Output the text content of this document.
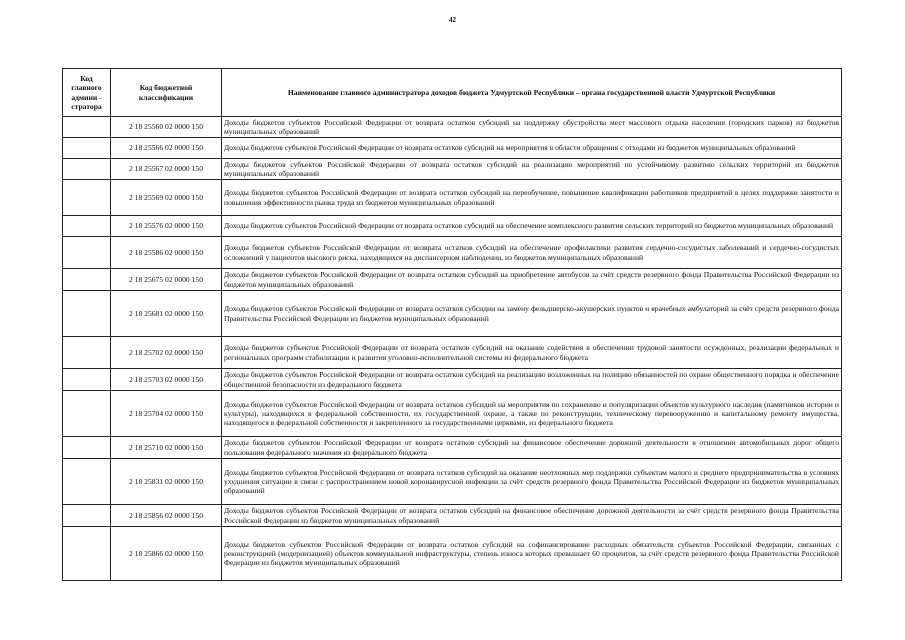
42
Код главного админи - стратора	Код бюджетной классификации	Наименование главного администратора доходов бюджета Удмуртской Республики – органа государственной власти Удмуртской Республики
	2 18 25560 02 0000 150	Доходы бюджетов субъектов Российской Федерации от возврата остатков субсидий на поддержку обустройства мест массового отдыха населения (городских парков) из бюджетов муниципальных образований
	2 18 25566 02 0000 150	Доходы бюджетов субъектов Российской Федерации от возврата остатков субсидий на мероприятия в области обращения с отходами из бюджетов муниципальных образований
	2 18 25567 02 0000 150	Доходы бюджетов субъектов Российской Федерации от возврата остатков субсидий на реализацию мероприятий по устойчивому развитию сельских территорий из бюджетов муниципальных образований
	2 18 25569 02 0000 150	Доходы бюджетов субъектов Российской Федерации от возврата остатков субсидий на переобучение, повышение квалификации работников предприятий в целях поддержки занятости и повышения эффективности рынка труда из бюджетов муниципальных образований
	2 18 25576 02 0000 150	Доходы бюджетов субъектов Российской Федерации от возврата остатков субсидий на обеспечение комплексного развития сельских территорий из бюджетов муниципальных образований
	2 18 25586 02 0000 150	Доходы бюджетов субъектов Российской Федерации от возврата остатков субсидий на обеспечение профилактики развития сердечно-сосудистых заболеваний и сердечно-сосудистых осложнений у пациентов высокого риска, находящихся на диспансерном наблюдении, из бюджетов муниципальных образований
	2 18 25675 02 0000 150	Доходы бюджетов субъектов Российской Федерации от возврата остатков субсидий на приобретение автобусов за счёт средств резервного фонда Правительства Российской Федерации из бюджетов муниципальных образований
	2 18 25681 02 0000 150	Доходы бюджетов субъектов Российской Федерации от возврата остатков субсидии на замену фельдшерско-акушерских пунктов и врачебных амбулаторий за счёт средств резервного фонда Правительства Российской Федерации из бюджетов муниципальных образований
	2 18 25702 02 0000 150	Доходы бюджетов субъектов Российской Федерации от возврата остатков субсидий на оказание содействия в обеспечении трудовой занятости осужденных, реализации федеральных и региональных программ стабилизации и развития уголовно-исполнительной системы из федерального бюджета
	2 18 25703 02 0000 150	Доходы бюджетов субъектов Российской Федерации от возврата остатков субсидий на реализацию возложенных на полицию обязанностей по охране общественного порядка и обеспечение общественной безопасности из федерального бюджета
	2 18 25704 02 0000 150	Доходы бюджетов субъектов Российской Федерации от возврата остатков субсидий на мероприятия по сохранению и популяризации объектов культурного наследия (памятников истории и культуры), находящихся в федеральной собственности, их государственной охране, а также по реконструкции, техническому перевооружению и капитальному ремонту имущества, находящегося в федеральной собственности и закрепленного за государственными церквами, из федерального бюджета
	2 18 25710 02 0000 150	Доходы бюджетов субъектов Российской Федерации от возврата остатков субсидий на финансовое обеспечение дорожной деятельности в отношении автомобильных дорог общего пользования федерального значения из федерального бюджета
	2 18 25831 02 0000 150	Доходы бюджетов субъектов Российской Федерации от возврата остатков субсидий на оказание неотложных мер поддержки субъектам малого и среднего предпринимательства в условиях ухудшения ситуации в связи с распространением новой коронавирусной инфекции за счёт средств резервного фонда Правительства Российской Федерации из бюджетов муниципальных образований
	2 18 25856 02 0000 150	Доходы бюджетов субъектов Российской Федерации от возврата остатков субсидий на финансовое обеспечение дорожной деятельности за счёт средств резервного фонда Правительства Российской Федерации из бюджетов муниципальных образований
	2 18 25866 02 0000 150	Доходы бюджетов субъектов Российской Федерации от возврата остатков субсидий на софинансирование расходных обязательств субъектов Российской Федерации, связанных с реконструкцией (модернизацией) объектов коммунальной инфраструктуры, степень износа которых превышает 60 процентов, за счёт средств резервного фонда Правительства Российской Федерации из бюджетов муниципальных образований
